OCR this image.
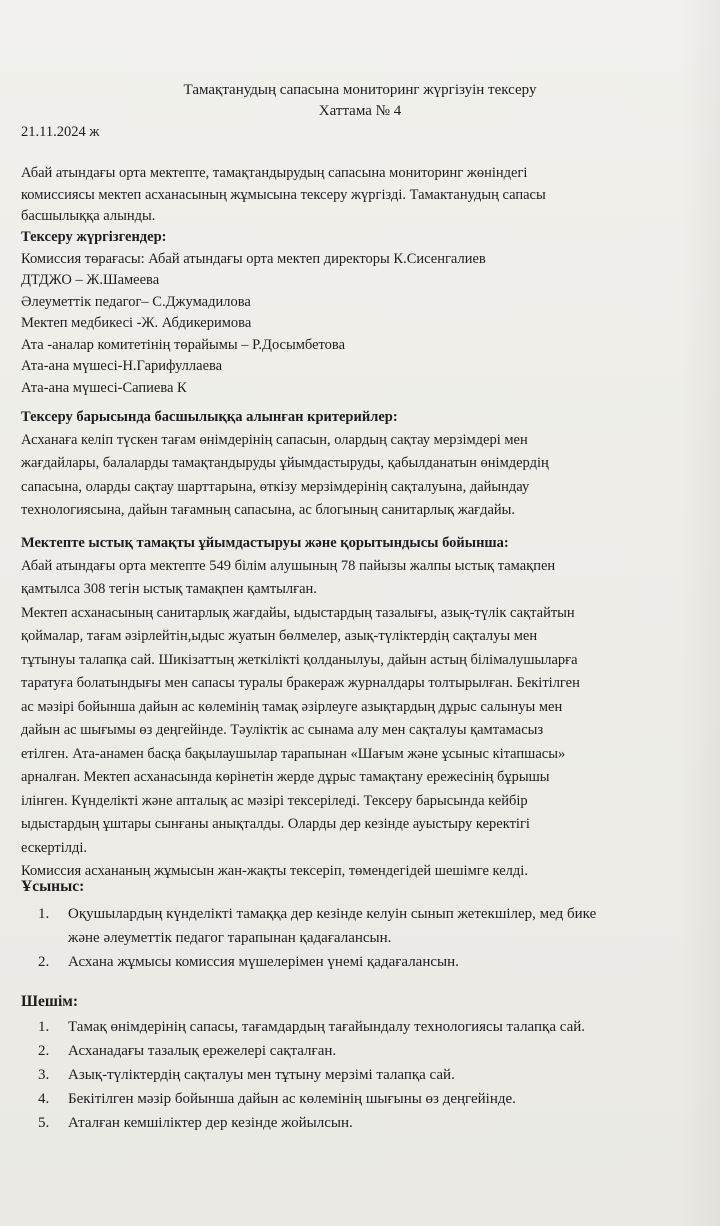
Тамақтанудың сапасына мониторинг жүргізуін тексеру
Хаттама № 4
21.11.2024 ж
Абай атындағы орта мектепте, тамақтандырудың сапасына мониторинг жөніндегі
комиссиясы мектеп асханасының жұмысына тексеру жүргізді. Тамактанудың сапасы
басшылыққа алынды.
Тексеру жүргізгендер:
Комиссия төрағасы: Абай атындағы орта мектеп директоры К.Сисенгалиев
ДТДЖО – Ж.Шамеева
Әлеуметтік педагог– С.Джумадилова
Мектеп медбикесі -Ж. Абдикеримова
Ата -аналар комитетінің төрайымы – Р.Досымбетова
Ата-ана мүшесі-Н.Гарифуллаева
Ата-ана мүшесі-Сапиева К
Тексеру барысында басшылыққа алынған критерийлер:
Асханаға келіп түскен тағам өнімдерінің сапасын, олардың сақтау мерзімдері мен
жағдайлары, балаларды тамақтандыруды ұйымдастыруды, қабылданатын өнімдердің
сапасына, оларды сақтау шарттарына, өткізу мерзімдерінің сақталуына, дайындау
технологиясына, дайын тағамның сапасына, ас блогының санитарлық жағдайы.
Мектепте ыстық тамақты ұйымдастыруы және қорытындысы бойынша:
Абай атындағы орта мектепте 549 білім алушының 78 пайызы жалпы ыстық тамақпен
қамтылса 308 тегін ыстық тамақпен қамтылған.
Мектеп асханасының санитарлық жағдайы, ыдыстардың тазалығы, азық-түлік сақтайтын
қоймалар, тағам әзірлейтін,ыдыс жуатын бөлмелер, азық-түліктердің сақталуы мен
тұтынуы талапқа сай. Шикізаттың жеткілікті қолданылуы, дайын астың білімалушыларға
таратуға болатындығы мен сапасы туралы бракераж журналдары толтырылған. Бекітілген
ас мәзірі бойынша дайын ас көлемінің тамақ әзірлеуге азықтардың дұрыс салынуы мен
дайын ас шығымы өз деңгейінде. Тәуліктік ас сынама алу мен сақталуы қамтамасыз
етілген. Ата-анамен басқа бақылаушылар тарапынан «Шағым және ұсыныс кітапшасы»
арналған. Мектеп асханасында көрінетін жерде дұрыс тамақтану ережесінің бұрышы
ілінген. Күнделікті және апталық ас мәзірі тексеріледі. Тексеру барысында кейбір
ыдыстардың ұштары сынғаны анықталды. Оларды дер кезінде ауыстыру керектігі
ескертілді.
Комиссия асхананың жұмысын жан-жақты тексеріп, төмендегідей шешімге келді.
Ұсыныс:
1.	Оқушылардың күнделікті тамаққа дер кезінде келуін сынып жетекшілер, мед бике
және әлеуметтік педагог тарапынан қадағалансын.
2.	Асхана жұмысы комиссия мүшелерімен үнемі қадағалансын.
Шешім:
1.	Тамақ өнімдерінің сапасы, тағамдардың тағайындалу технологиясы талапқа сай.
2.	Асханадағы тазалық ережелері сақталған.
3.	Азық-түліктердің сақталуы мен тұтыну мерзімі талапқа сай.
4.	Бекітілген мәзір бойынша дайын ас көлемінің шығыны өз деңгейінде.
5.	Аталған кемшіліктер дер кезінде жойылсын.
